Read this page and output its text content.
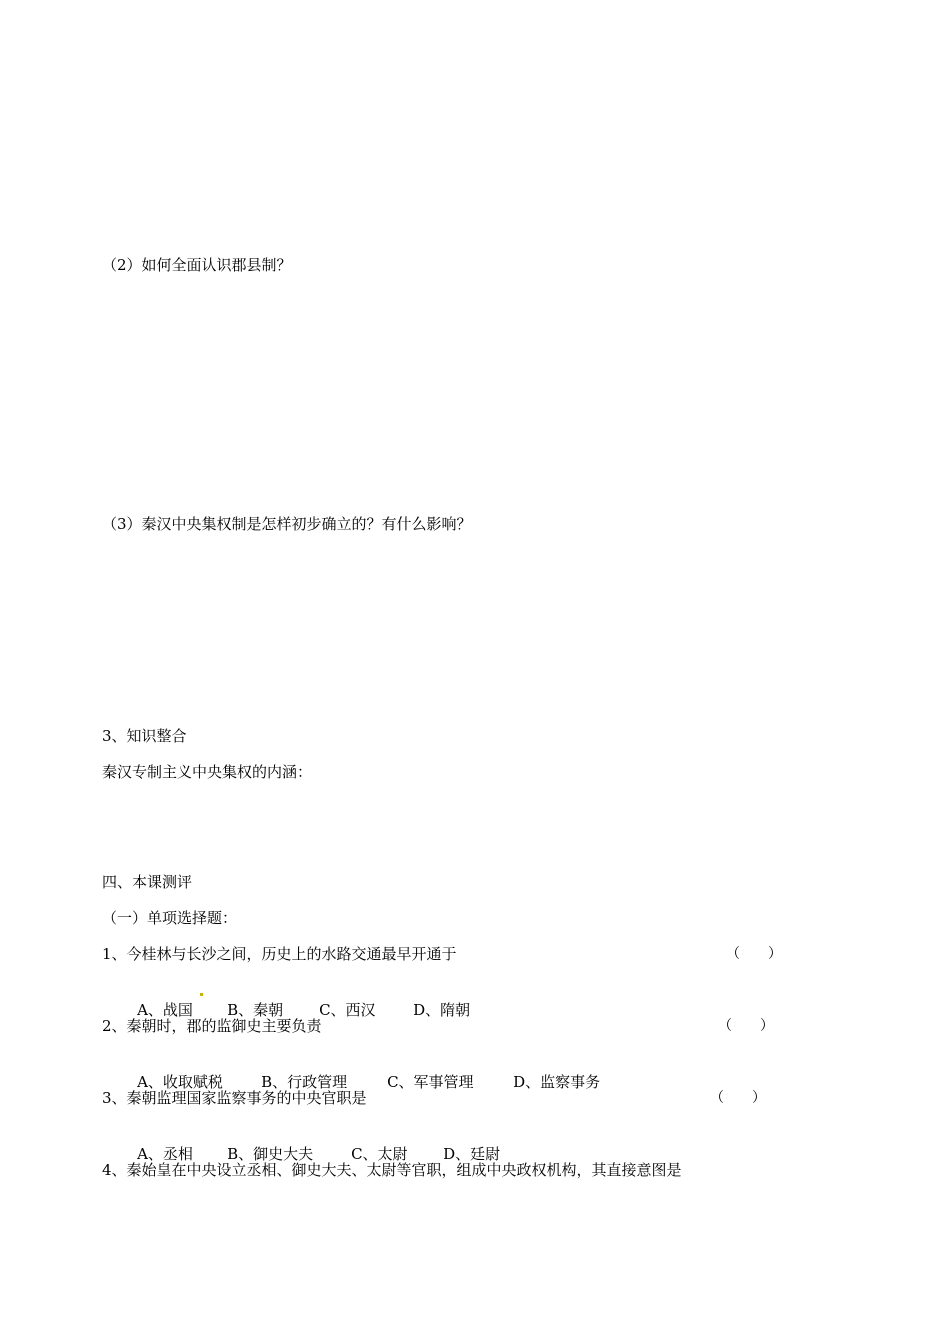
（2）如何全面认识郡县制？
（3）秦汉中央集权制是怎样初步确立的？有什么影响？
3、知识整合
秦汉专制主义中央集权的内涵：
四、本课测评
（一）单项选择题：
1、今桂林与长沙之间，历史上的水路交通最早开通于	（　　）

A、战国 B、秦朝 C、西汉	D、隋朝

2、秦朝时，郡的监御史主要负责	（　　）

A、收取赋税	B、行政管理	C、军事管理	D、监察事务

3、秦朝监理国家监察事务的中央官职是	（　　）

A、丞相 B、御史大夫	C、太尉 D、廷尉

4、秦始皇在中央设立丞相、御史大夫、太尉等官职，组成中央政权机构，其直接意图是
